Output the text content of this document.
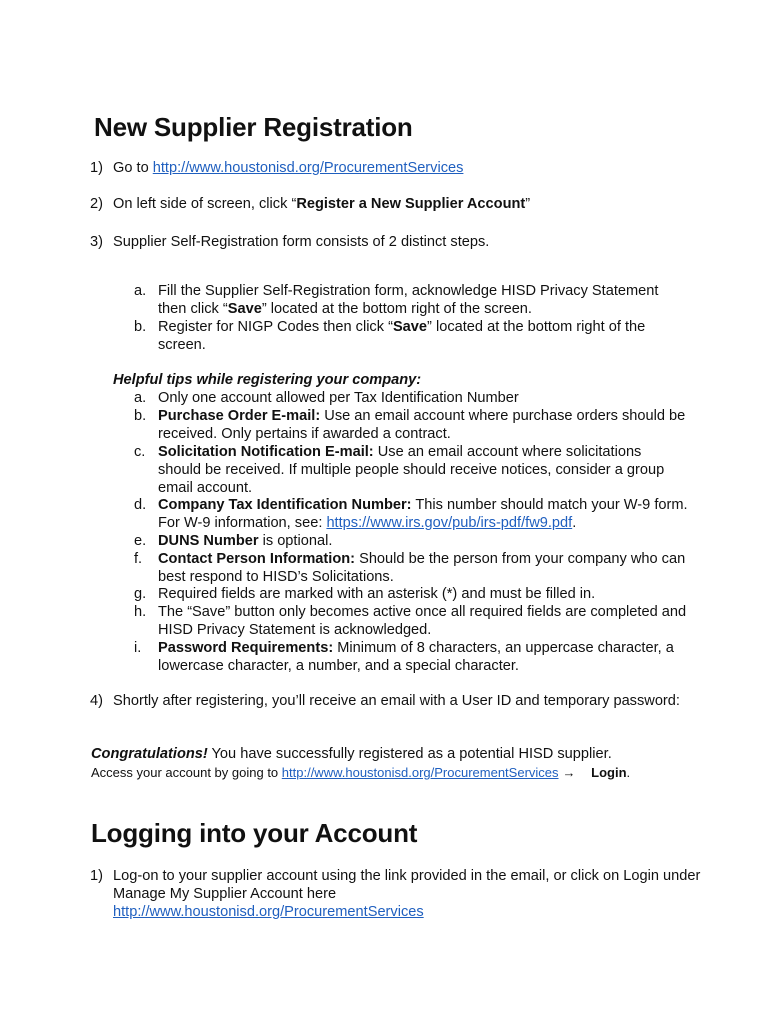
New Supplier Registration
1) Go to http://www.houstonisd.org/ProcurementServices
2) On left side of screen, click “Register a New Supplier Account”
3) Supplier Self-Registration form consists of 2 distinct steps.
a. Fill the Supplier Self-Registration form, acknowledge HISD Privacy Statement then click “Save” located at the bottom right of the screen.
b. Register for NIGP Codes then click “Save” located at the bottom right of the screen.
Helpful tips while registering your company:
a. Only one account allowed per Tax Identification Number
b. Purchase Order E-mail: Use an email account where purchase orders should be received. Only pertains if awarded a contract.
c. Solicitation Notification E-mail: Use an email account where solicitations should be received. If multiple people should receive notices, consider a group email account.
d. Company Tax Identification Number: This number should match your W-9 form. For W-9 information, see: https://www.irs.gov/pub/irs-pdf/fw9.pdf.
e. DUNS Number is optional.
f.	Contact Person Information: Should be the person from your company who can best respond to HISD’s Solicitations.
g. Required fields are marked with an asterisk (*) and must be filled in.
h. The “Save” button only becomes active once all required fields are completed and HISD Privacy Statement is acknowledged.
i.	Password Requirements: Minimum of 8 characters, an uppercase character, a lowercase character, a number, and a special character.
4) Shortly after registering, you’ll receive an email with a User ID and temporary password:
Congratulations! You have successfully registered as a potential HISD supplier.
Access your account by going to http://www.houstonisd.org/ProcurementServices → Login.
Logging into your Account
1) Log-on to your supplier account using the link provided in the email, or click on Login under Manage My Supplier Account here
http://www.houstonisd.org/ProcurementServices
